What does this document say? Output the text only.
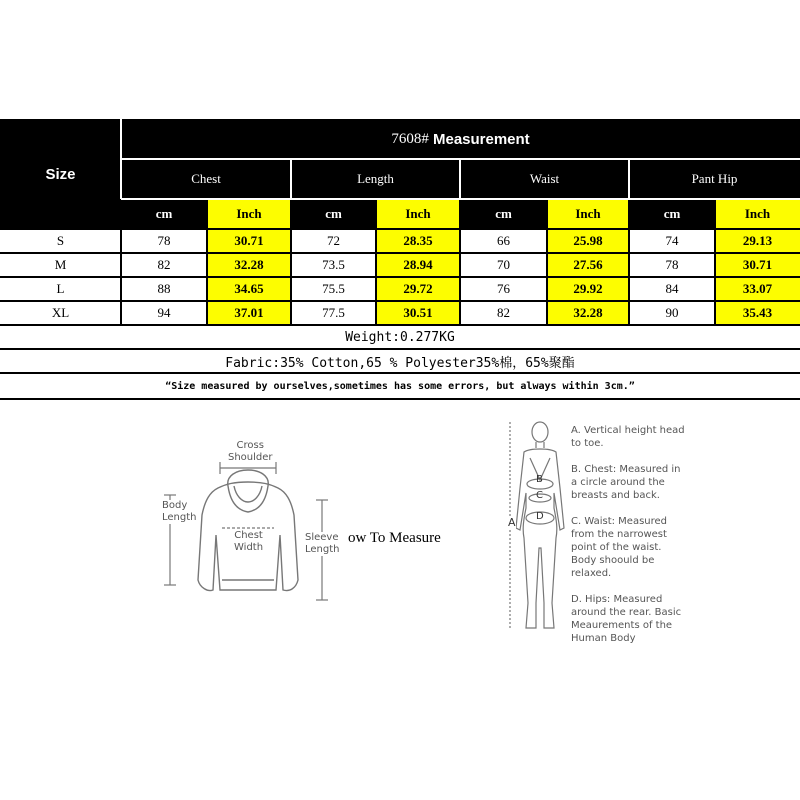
Size
7608# Measurement
Chest	Length	Waist	Pant Hip
cm	Inch	cm	Inch	cm	Inch	cm	Inch
S	78	30.71	72	28.35	66	25.98	74	29.13
M	82	32.28	73.5	28.94	70	27.56	78	30.71
L	88	34.65	75.5	29.72	76	29.92	84	33.07
XL	94	37.01	77.5	30.51	82	32.28	90	35.43
Weight:0.277KG
Fabric:35% Cotton,65 % Polyester35%棉，65%聚酯
“Size measured by ourselves,sometimes has some errors, but always within 3cm.”
Cross
Shoulder
Body
Length
Chest
Width
Sleeve
Length
ow To Measure
A
B
C
D
A. Vertical height head to toe.
B. Chest: Measured in a circle around the breasts and back.
C. Waist: Measured from the narrowest point of the waist. Body shoould be relaxed.
D. Hips: Measured around the rear. Basic Meaurements of the Human Body
